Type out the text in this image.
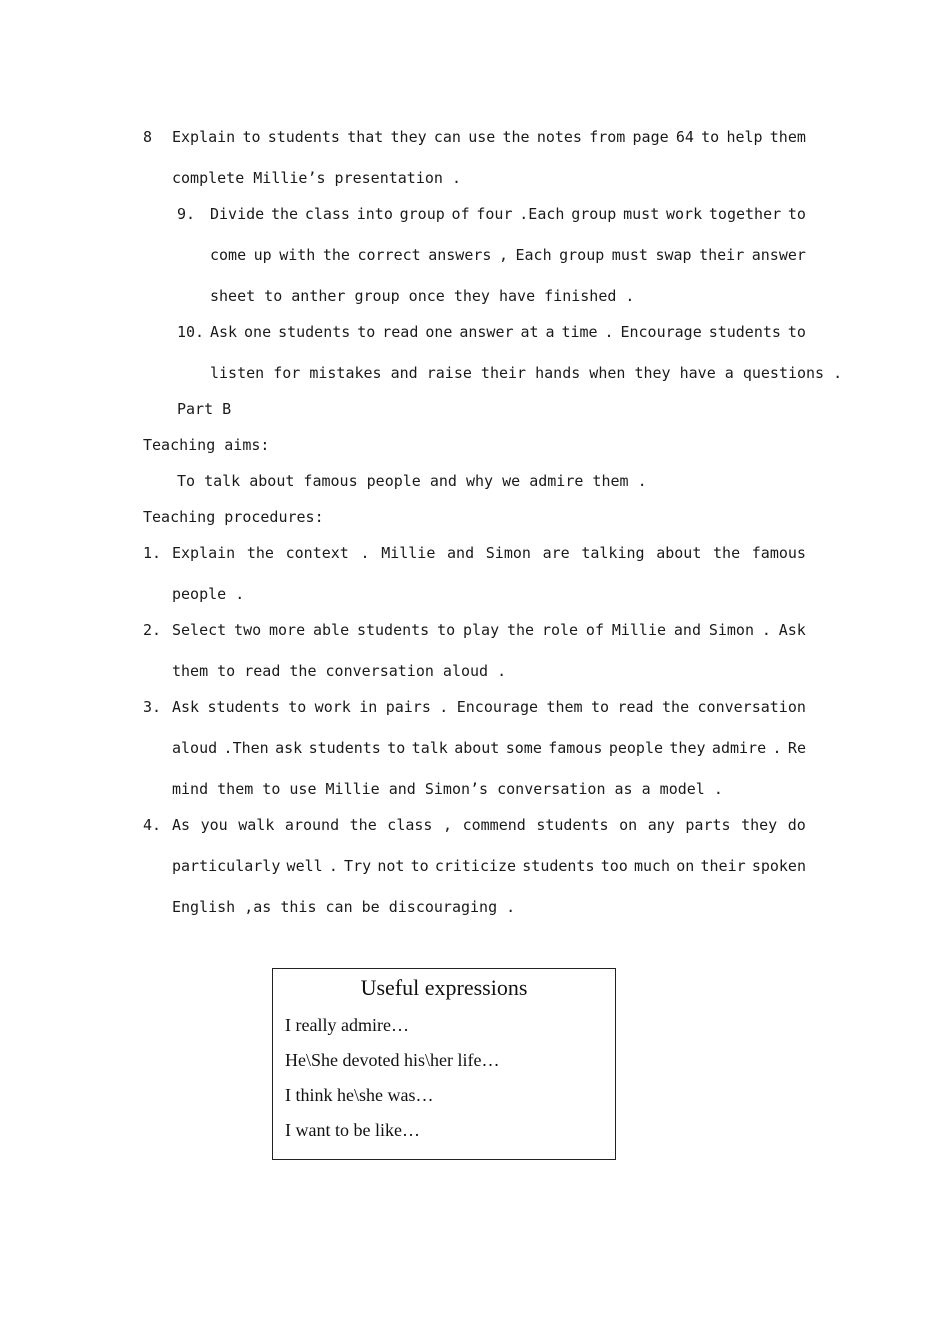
8 Explain to students that they can use the notes from page 64 to help them
complete Millie’s presentation .
9. Divide the class into group of four .Each group must work together to
come up with the correct answers , Each group must swap their answer
sheet to anther group once they have finished .
10. Ask one students to read one answer at a time . Encourage students to
listen for mistakes and raise their hands when they have a questions .
Part B
Teaching aims:
To talk about famous people and why we admire them .
Teaching procedures:
1. Explain the context . Millie and Simon are talking about the famous
people .
2. Select two more able students to play the role of Millie and Simon . Ask
them to read the conversation aloud .
3. Ask students to work in pairs . Encourage them to read the conversation
aloud .Then ask students to talk about some famous people they admire . Re
mind them to use Millie and Simon’s conversation as a model .
4. As you walk around the class , commend students on any parts they do
particularly well . Try not to criticize students too much on their spoken
English ,as this can be discouraging .
Useful expressions
I really admire…
He\She devoted his\her life…
I think he\she was…
I want to be like…
